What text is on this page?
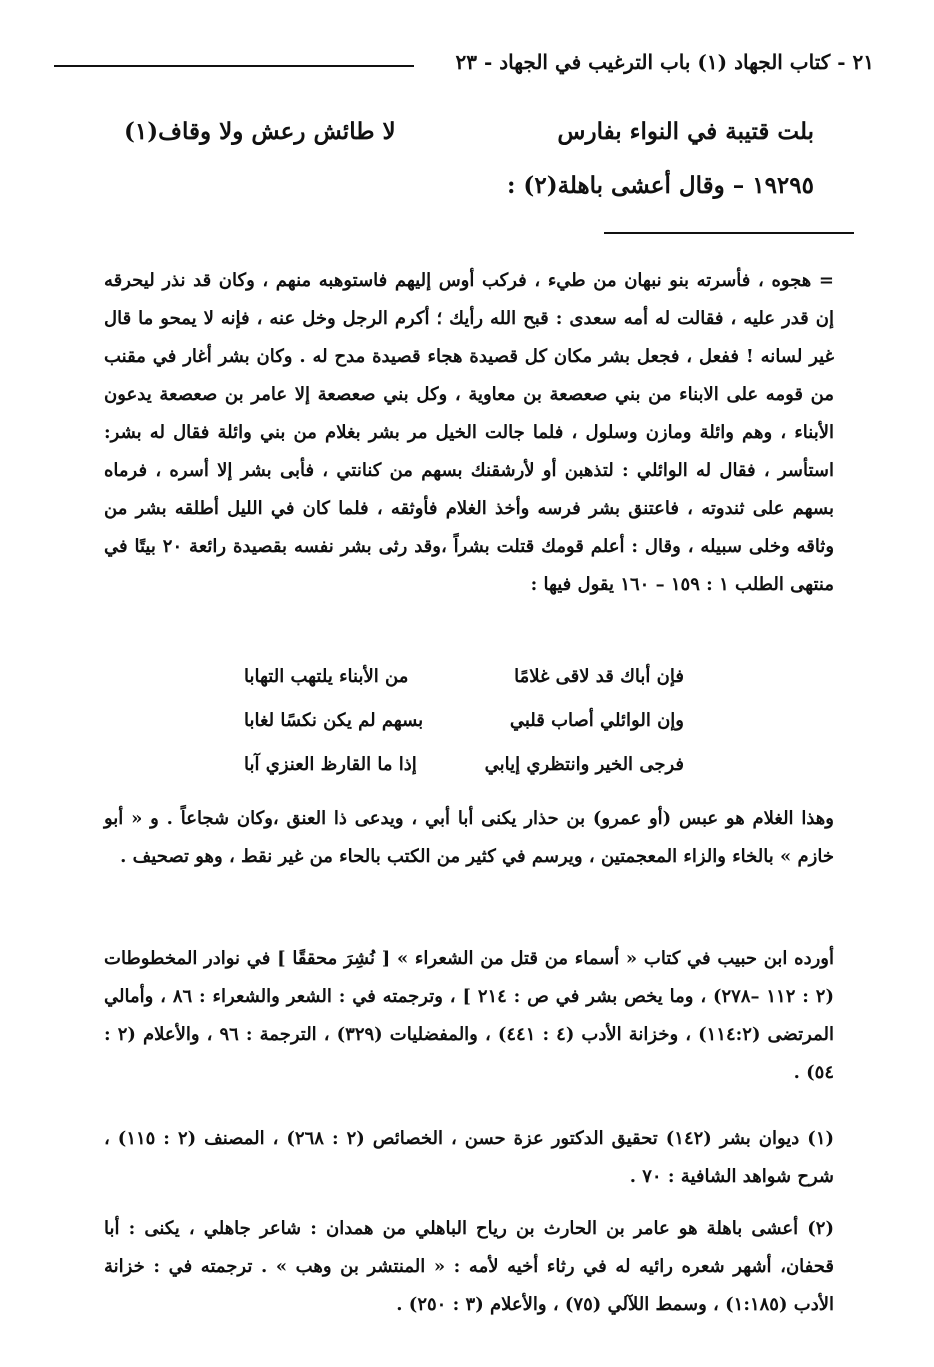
٢١ - كتاب الجهاد (١) باب الترغيب في الجهاد - ٢٣
بلت قتيبة في النواء بفارس
لا طائش رعش ولا وقاف(١)
١٩٢٩٥ – وقال أعشى باهلة(٢) :
= هجوه ، فأسرته بنو نبهان من طيء ، فركب أوس إليهم فاستوهبه منهم ، وكان قد نذر ليحرقه إن قدر عليه ، فقالت له أمه سعدى : قبح الله رأيك ؛ أكرم الرجل وخل عنه ، فإنه لا يمحو ما قال غير لسانه ! ففعل ، فجعل بشر مكان كل قصيدة هجاء قصيدة مدح له . وكان بشر أغار في مقنب من قومه على الابناء من بني صعصعة بن معاوية ، وكل بني صعصعة إلا عامر بن صعصعة يدعون الأبناء ، وهم وائلة ومازن وسلول ، فلما جالت الخيل مر بشر بغلام من بني وائلة فقال له بشر: استأسر ، فقال له الوائلي : لتذهبن أو لأرشقنك بسهم من كنانتي ، فأبى بشر إلا أسره ، فرماه بسهم على ثندوته ، فاعتنق بشر فرسه وأخذ الغلام فأوثقه ، فلما كان في الليل أطلقه بشر من وثاقه وخلى سبيله ، وقال : أعلم قومك قتلت بشراً ،وقد رثى بشر نفسه بقصيدة رائعة ٢٠ بيتًا في منتهى الطلب ١ : ١٥٩ – ١٦٠ يقول فيها :
فإن أباك قد لاقى غلامًا
من الأبناء يلتهب التهابا
وإن الوائلي أصاب قلبي
بسهم لم يكن نكسًا لغابا
فرجى الخير وانتظري إيابي
إذا ما القارظ العنزي آبا
وهذا الغلام هو عبس (أو عمرو) بن حذار يكنى أبا أبي ، ويدعى ذا العنق ،وكان شجاعاً . و « أبو خازم » بالخاء والزاء المعجمتين ، ويرسم في كثير من الكتب بالحاء من غير نقط ، وهو تصحيف .
أورده ابن حبيب في كتاب « أسماء من قتل من الشعراء » [ نُشِرَ محققًا ] في نوادر المخطوطات (٢ : ١١٢ –٢٧٨) ، وما يخص بشر في ص : ٢١٤ ] ، وترجمته في : الشعر والشعراء : ٨٦ ، وأمالي المرتضى (١١٤:٢) ، وخزانة الأدب (٤ : ٤٤١) ، والمفضليات (٣٢٩) ، الترجمة : ٩٦ ، والأعلام (٢ : ٥٤) .
(١) ديوان بشر (١٤٢) تحقيق الدكتور عزة حسن ، الخصائص (٢ : ٢٦٨) ، المصنف (٢ : ١١٥) ، شرح شواهد الشافية : ٧٠ .
(٢) أعشى باهلة هو عامر بن الحارث بن رياح الباهلي من همدان : شاعر جاهلي ، يكنى : أبا قحفان، أشهر شعره رائيه له في رثاء أخيه لأمه : « المنتشر بن وهب » . ترجمته في : خزانة الأدب (١:١٨٥) ، وسمط اللآلي (٧٥) ، والأعلام (٣ : ٢٥٠) .
